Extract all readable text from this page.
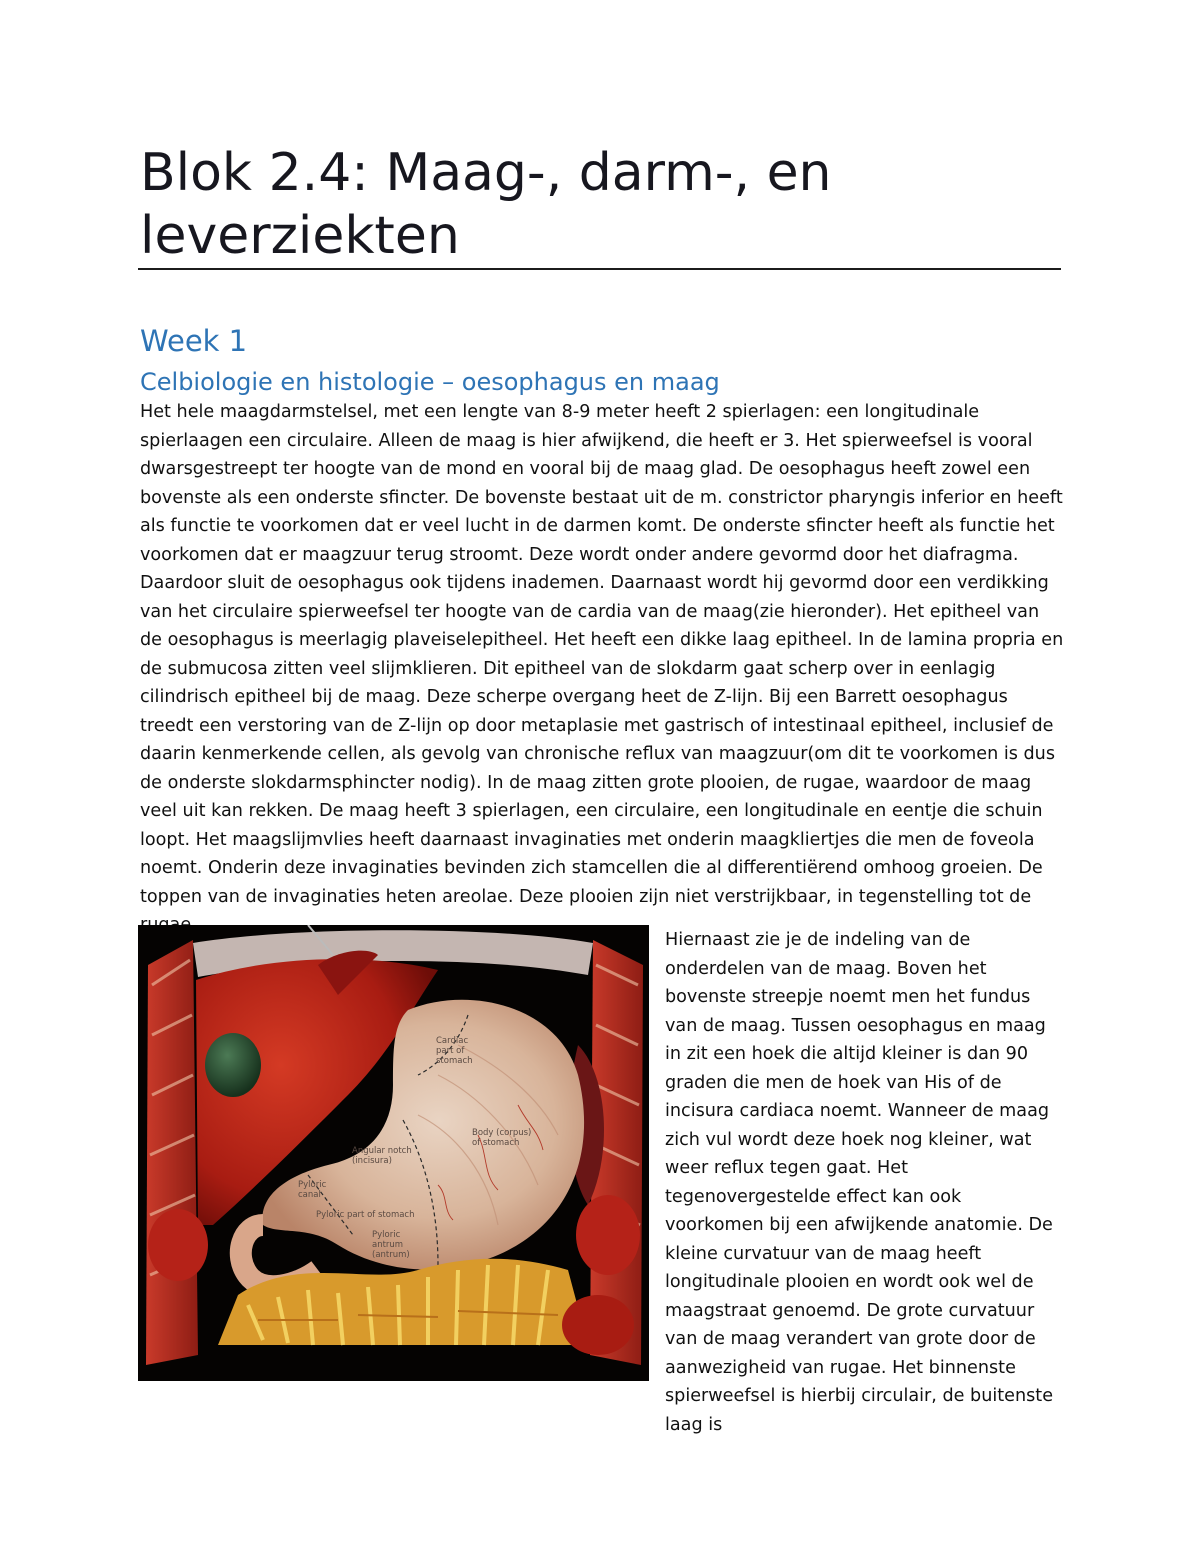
Blok 2.4: Maag-, darm-, en leverziekten
Week 1
Celbiologie en histologie – oesophagus en maag

Het hele maagdarmstelsel, met een lengte van 8-9 meter heeft 2 spierlagen: een longitudinale spierlaagen een circulaire. Alleen de maag is hier afwijkend, die heeft er 3. Het spierweefsel is vooral dwarsgestreept ter hoogte van de mond en vooral bij de maag glad. De oesophagus heeft zowel een bovenste als een onderste sfincter. De bovenste bestaat uit de m. constrictor pharyngis inferior en heeft als functie te voorkomen dat er veel lucht in de darmen komt. De onderste sfincter heeft als functie het voorkomen dat er maagzuur terug stroomt. Deze wordt onder andere gevormd door het diafragma. Daardoor sluit de oesophagus ook tijdens inademen. Daarnaast wordt hij gevormd door een verdikking van het circulaire spierweefsel ter hoogte van de cardia van de maag(zie hieronder). Het epitheel van de oesophagus is meerlagig plaveiselepitheel. Het heeft een dikke laag epitheel. In de lamina propria en de submucosa zitten veel slijmklieren. Dit epitheel van de slokdarm gaat scherp over in eenlagig cilindrisch epitheel bij de maag. Deze scherpe overgang heet de Z-lijn. Bij een Barrett oesophagus treedt een verstoring van de Z-lijn op door metaplasie met gastrisch of intestinaal epitheel, inclusief de daarin kenmerkende cellen, als gevolg van chronische reflux van maagzuur(om dit te voorkomen is dus de onderste slokdarmsphincter nodig). In de maag zitten grote plooien, de rugae, waardoor de maag veel uit kan rekken. De maag heeft 3 spierlagen, een circulaire, een longitudinale en eentje die schuin loopt. Het maagslijmvlies heeft daarnaast invaginaties met onderin maagkliertjes die men de foveola noemt. Onderin deze invaginaties bevinden zich stamcellen die al differentiërend omhoog groeien. De toppen van de invaginaties heten areolae. Deze plooien zijn niet verstrijkbaar, in tegenstelling tot de

Cardiac
part of
stomach
Body (corpus)
of stomach
Angular notch
(incisura)
Pyloric
canal
Pyloric part of stomach
Pyloric
antrum
(antrum)

Hiernaast zie je de indeling van de onderdelen van de maag. Boven het bovenste streepje noemt men het fundus van de maag. Tussen oesophagus en maag in zit een hoek die altijd kleiner is dan 90 graden die men de hoek van His of de incisura cardiaca noemt. Wanneer de maag zich vul wordt deze hoek nog kleiner, wat weer reflux tegen gaat. Het tegenovergestelde effect kan ook voorkomen bij een afwijkende anatomie. De kleine curvatuur van de maag heeft longitudinale plooien en wordt ook wel de maagstraat genoemd. De grote curvatuur van de maag verandert van grote door de aanwezigheid van rugae. Het binnenste spierweefsel is hierbij circulair, de buitenste laag is
